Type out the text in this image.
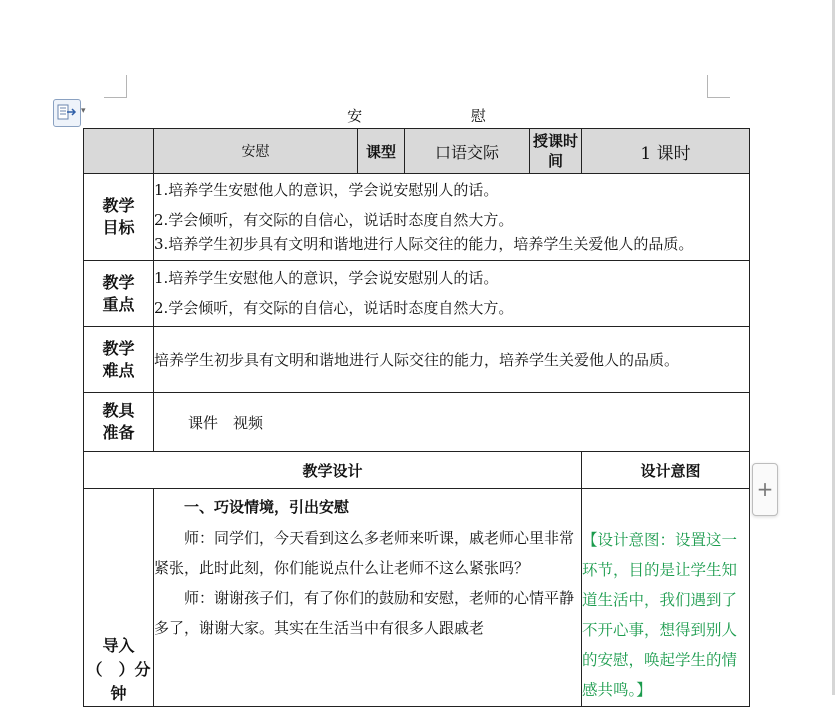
▾
+
安 慰
	安慰	课型	口语交际	授课时间	1 课时
教学目标	1.培养学生安慰他人的意识，学会说安慰别人的话。
2.学会倾听，有交际的自信心，说话时态度自然大方。
3.培养学生初步具有文明和谐地进行人际交往的能力，培养学生关爱他人的品质。				

教学重点	1.培养学生安慰他人的意识，学会说安慰别人的话。
2.学会倾听，有交际的自信心，说话时态度自然大方。				

教学难点	培养学生初步具有文明和谐地进行人际交往的能力，培养学生关爱他人的品质。				

教具准备	课件　视频				
教学设计					设计意图
导入（　）分钟	一、巧设情境，引出安慰

师：同学们，今天看到这么多老师来听课，戚老师心里非常紧张，此时此刻，你们能说点什么让老师不这么紧张吗？

师：谢谢孩子们，有了你们的鼓励和安慰，老师的心情平静多了，谢谢大家。其实在生活当中有很多人跟戚老				【设计意图：设置这一环节，目的是让学生知道生活中，我们遇到了不开心事，想得到别人的安慰，唤起学生的情感共鸣。】
